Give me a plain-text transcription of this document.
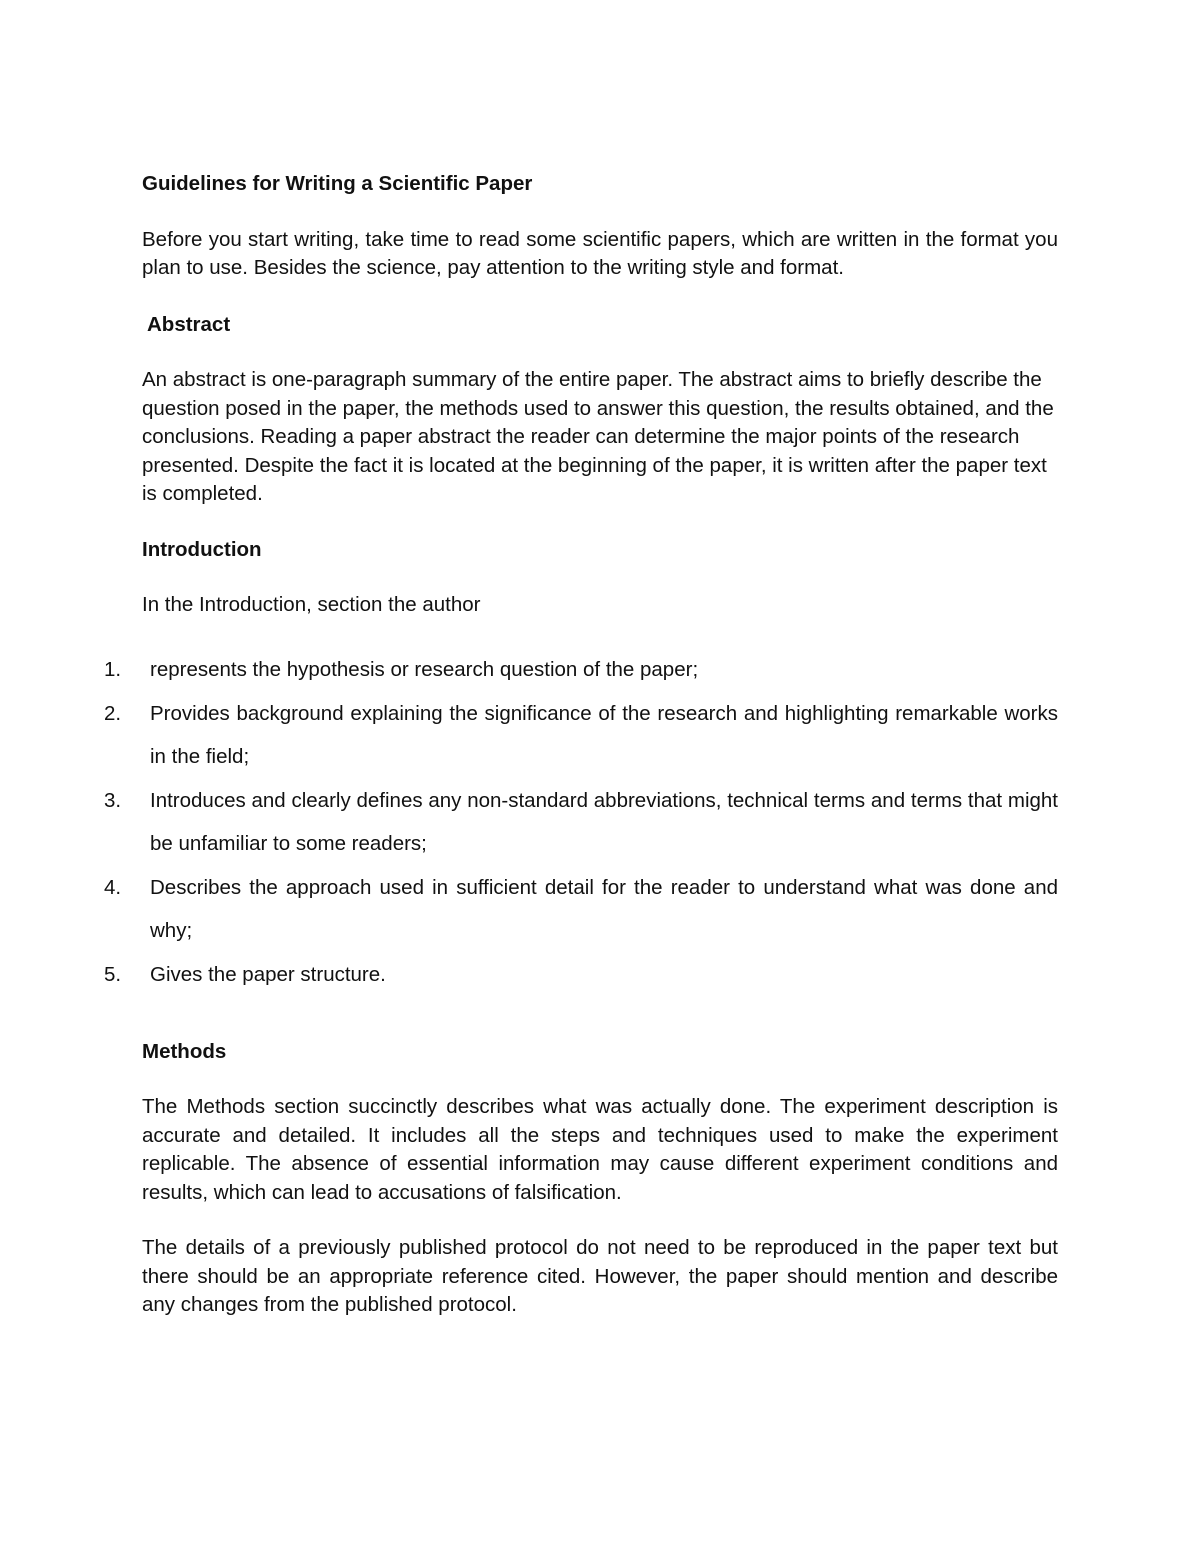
Guidelines for Writing a Scientific Paper

Before you start writing, take time to read some scientific papers, which are written in the format you plan to use. Besides the science, pay attention to the writing style and format.

Abstract

An abstract is one-paragraph summary of the entire paper. The abstract aims to briefly describe the question posed in the paper, the methods used to answer this question, the results obtained, and the conclusions. Reading a paper abstract the reader can determine the major points of the research presented. Despite the fact it is located at the beginning of the paper, it is written after the paper text is completed.

Introduction

In the Introduction, section the author

1.	represents the hypothesis or research question of the paper;
2.	Provides background explaining the significance of the research and highlighting remarkable works in the field;
3.	Introduces and clearly defines any non-standard abbreviations, technical terms and terms that might be unfamiliar to some readers;
4.	Describes the approach used in sufficient detail for the reader to understand what was done and why;
5.	Gives the paper structure.

Methods

The Methods section succinctly describes what was actually done. The experiment description is accurate and detailed. It includes all the steps and techniques used to make the experiment replicable. The absence of essential information may cause different experiment conditions and results, which can lead to accusations of falsification.

The details of a previously published protocol do not need to be reproduced in the paper text but there should be an appropriate reference cited. However, the paper should mention and describe any changes from the published protocol.
